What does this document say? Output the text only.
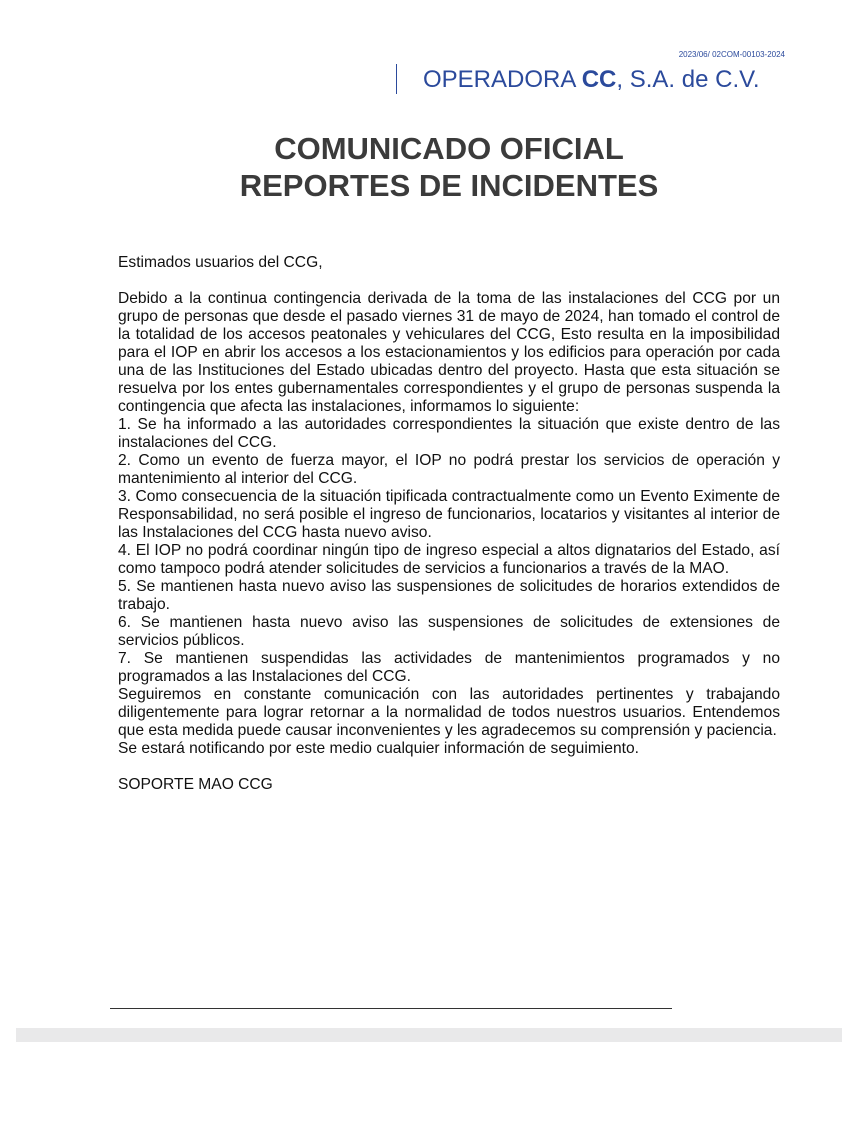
2023/06/ 02COM-00103-2024
OPERADORA CC, S.A. de C.V.
COMUNICADO OFICIAL
REPORTES DE INCIDENTES

Estimados usuarios del CCG,

Debido a la continua contingencia derivada de la toma de las instalaciones del CCG por un grupo de personas que desde el pasado viernes 31 de mayo de 2024, han tomado el control de la totalidad de los accesos peatonales y vehiculares del CCG, Esto resulta en la imposibilidad para el IOP en abrir los accesos a los estacionamientos y los edificios para operación por cada una de las Instituciones del Estado ubicadas dentro del proyecto. Hasta que esta situación se resuelva por los entes gubernamentales correspondientes y el grupo de personas suspenda la contingencia que afecta las instalaciones, informamos lo siguiente:

1. Se ha informado a las autoridades correspondientes la situación que existe dentro de las instalaciones del CCG.

2. Como un evento de fuerza mayor, el IOP no podrá prestar los servicios de operación y mantenimiento al interior del CCG.

3. Como consecuencia de la situación tipificada contractualmente como un Evento Eximente de Responsabilidad, no será posible el ingreso de funcionarios, locatarios y visitantes al interior de las Instalaciones del CCG hasta nuevo aviso.

4. El IOP no podrá coordinar ningún tipo de ingreso especial a altos dignatarios del Estado, así como tampoco podrá atender solicitudes de servicios a funcionarios a través de la MAO.

5. Se mantienen hasta nuevo aviso las suspensiones de solicitudes de horarios extendidos de trabajo.

6. Se mantienen hasta nuevo aviso las suspensiones de solicitudes de extensiones de servicios públicos.

7. Se mantienen suspendidas las actividades de mantenimientos programados y no programados a las Instalaciones del CCG.

Seguiremos en constante comunicación con las autoridades pertinentes y trabajando diligentemente para lograr retornar a la normalidad de todos nuestros usuarios. Entendemos que esta medida puede causar inconvenientes y les agradecemos su comprensión y paciencia.

Se estará notificando por este medio cualquier información de seguimiento.

SOPORTE MAO CCG
